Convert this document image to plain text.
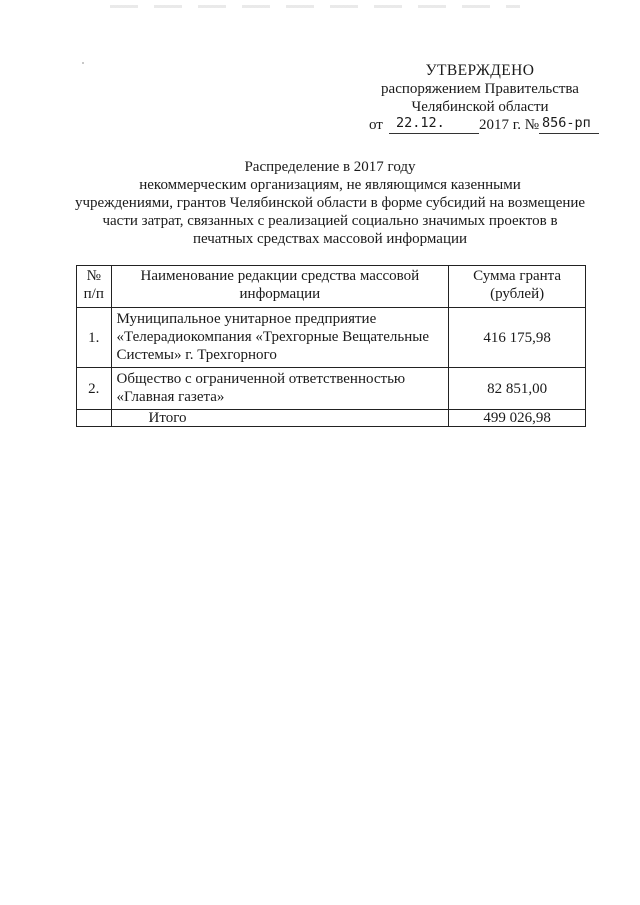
УТВЕРЖДЕНО
распоряжением Правительства
Челябинской области
от 22.12. 2017 г. № 856-рп
Распределение в 2017 году
некоммерческим организациям, не являющимся казенными
учреждениями, грантов Челябинской области в форме субсидий на возмещение
части затрат, связанных с реализацией социально значимых проектов в
печатных средствах массовой информации
№ п/п	Наименование редакции средства массовой информации	Сумма гранта (рублей)
1.	Муниципальное унитарное предприятие «Телерадиокомпания «Трехгорные Вещательные Системы» г. Трехгорного	416 175,98
2.	Общество с ограниченной ответственностью «Главная газета»	82 851,00
	Итого	499 026,98
